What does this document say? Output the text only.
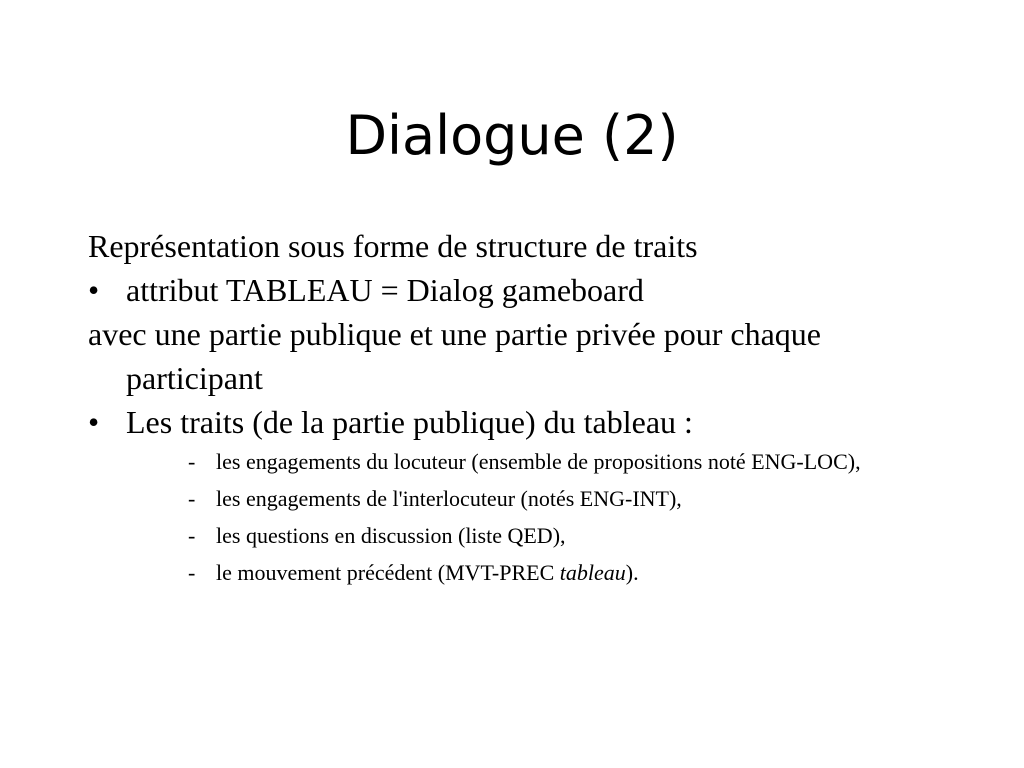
Dialogue (2)

Représentation sous forme de structure de traits

• attribut TABLEAU = Dialog gameboard

avec une partie publique et une partie privée pour chaque participant

• Les traits (de la partie publique) du tableau :
- les engagements du locuteur (ensemble de propositions noté ENG-LOC),
- les engagements de l'interlocuteur (notés ENG-INT),
- les questions en discussion (liste QED),
- le mouvement précédent (MVT-PREC tableau).
